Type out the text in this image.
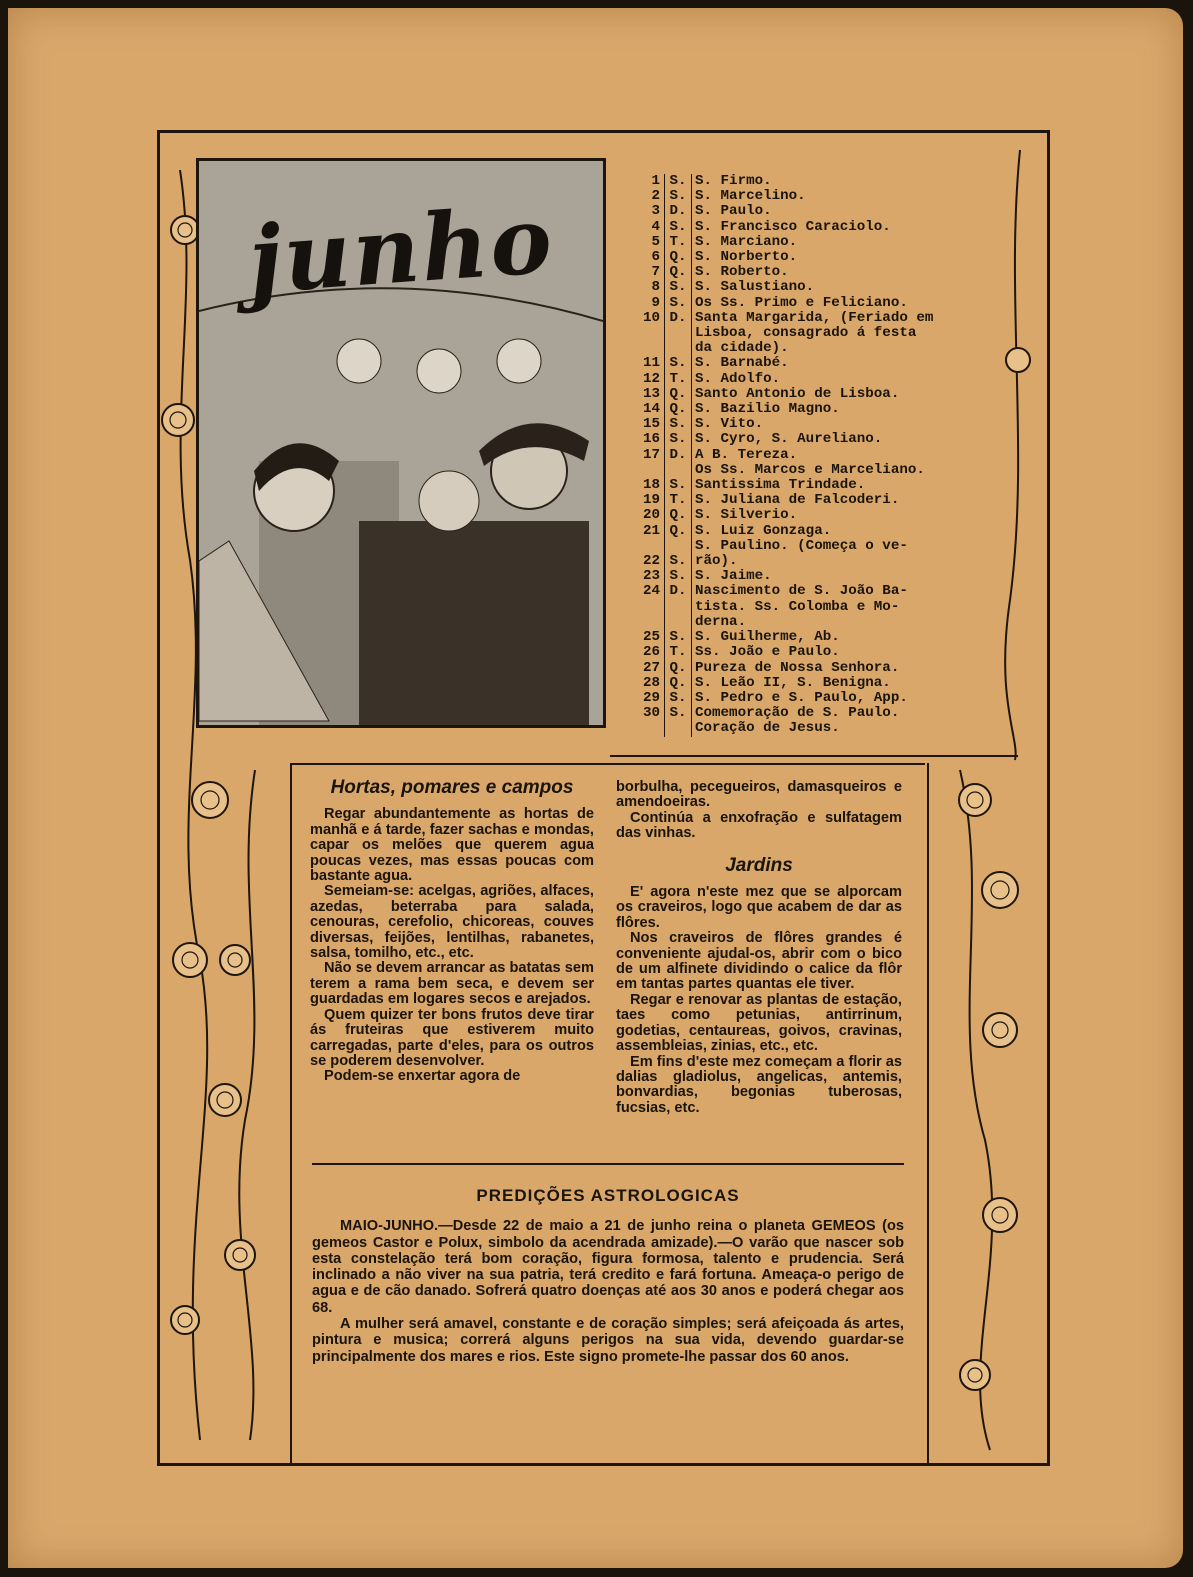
junho
1 S. S. Firmo.
2 S. S. Marcelino.
3 D. S. Paulo.
4 S. S. Francisco Caraciolo.
5 T. S. Marciano.
6 Q. S. Norberto.
7 Q. S. Roberto.
8 S. S. Salustiano.
9 S. Os Ss. Primo e Feliciano.
10 D. Santa Margarida, (Feriado em
Lisboa, consagrado á festa
da cidade).
11 S. S. Barnabé.
12 T. S. Adolfo.
13 Q. Santo Antonio de Lisboa.
14 Q. S. Bazilio Magno.
15 S. S. Vito.
16 S. S. Cyro, S. Aureliano.
17 D. A B. Tereza.
Os Ss. Marcos e Marceliano.
18 S. Santissima Trindade.
19 T. S. Juliana de Falcoderi.
20 Q. S. Silverio.
21 Q. S. Luiz Gonzaga.
S. Paulino. (Começa o ve-
22 S. rão).
23 S. S. Jaime.
24 D. Nascimento de S. João Ba-
tista. Ss. Colomba e Mo-
derna.
25 S. S. Guilherme, Ab.
26 T. Ss. João e Paulo.
27 Q. Pureza de Nossa Senhora.
28 Q. S. Leão II, S. Benigna.
29 S. S. Pedro e S. Paulo, App.
30 S. Comemoração de S. Paulo.
Coração de Jesus.
Hortas, pomares e campos

Regar abundantemente as hortas de manhã e á tarde, fazer sachas e mondas, capar os melões que querem agua poucas vezes, mas essas poucas com bastante agua.

Semeiam-se: acelgas, agriões, alfaces, azedas, beterraba para salada, cenouras, cerefolio, chicoreas, couves diversas, feijões, lentilhas, rabanetes, salsa, tomilho, etc., etc.

Não se devem arrancar as batatas sem terem a rama bem seca, e devem ser guardadas em logares secos e arejados.

Quem quizer ter bons frutos deve tirar ás fruteiras que estiverem muito carregadas, parte d'eles, para os outros se poderem desenvolver.

Podem-se enxertar agora de

borbulha, pecegueiros, damasqueiros e amendoeiras.

Continúa a enxofração e sulfatagem das vinhas.

Jardins

E' agora n'este mez que se alporcam os craveiros, logo que acabem de dar as flôres.

Nos craveiros de flôres grandes é conveniente ajudal-os, abrir com o bico de um alfinete dividindo o calice da flôr em tantas partes quantas ele tiver.

Regar e renovar as plantas de estação, taes como petunias, antirrinum, godetias, centaureas, goivos, cravinas, assembleias, zinias, etc., etc.

Em fins d'este mez começam a florir as dalias gladiolus, angelicas, antemis, bonvardias, begonias tuberosas, fucsias, etc.

PREDIÇÕES ASTROLOGICAS

MAIO-JUNHO.—Desde 22 de maio a 21 de junho reina o planeta GEMEOS (os gemeos Castor e Polux, simbolo da acendrada amizade).—O varão que nascer sob esta constelação terá bom coração, figura formosa, talento e prudencia. Será inclinado a não viver na sua patria, terá credito e fará fortuna. Ameaça-o perigo de agua e de cão danado. Sofrerá quatro doenças até aos 30 anos e poderá chegar aos 68.

A mulher será amavel, constante e de coração simples; será afeiçoada ás artes, pintura e musica; correrá alguns perigos na sua vida, devendo guardar-se principalmente dos mares e rios. Este signo promete-lhe passar dos 60 anos.
